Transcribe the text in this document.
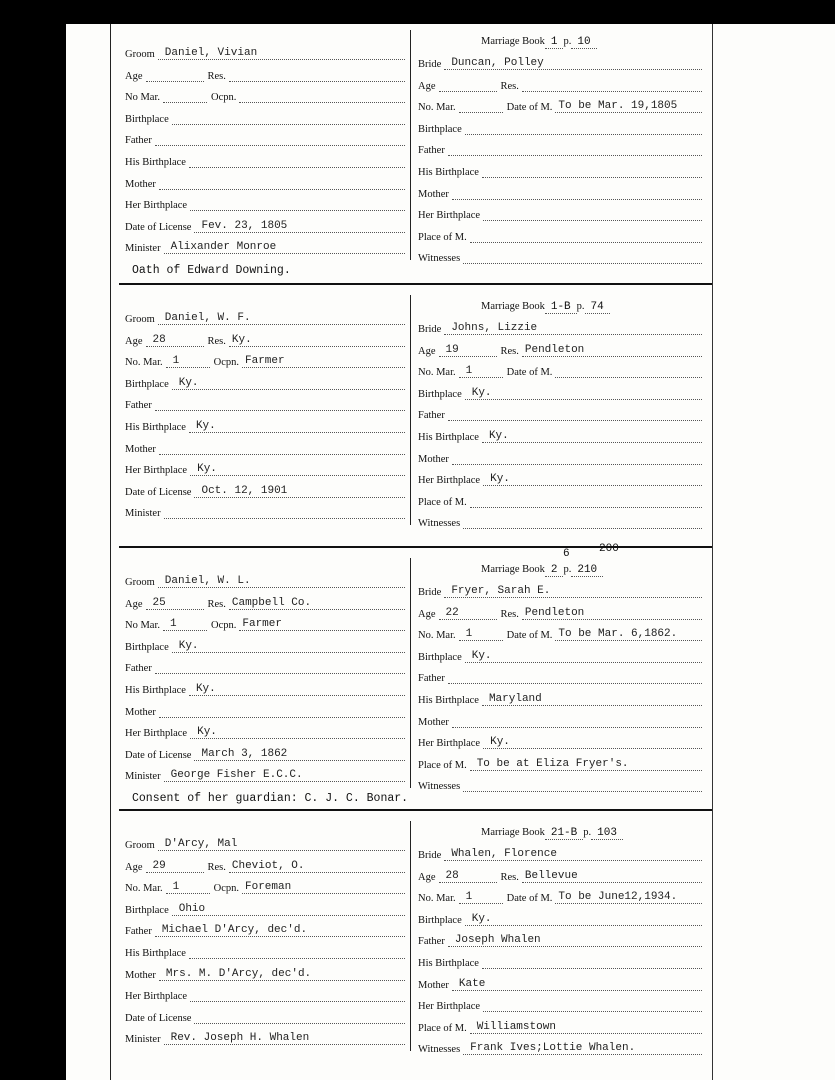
Marriage Book 1 p. 10
Groom Daniel, Vivian
Age	Res.
No Mar.	Ocpn.
Birthplace
Father
His Birthplace
Mother
Her Birthplace
Date of License Fev. 23, 1805
Minister Alixander Monroe
Bride Duncan, Polley
Age	Res.
No. Mar.	Date of M. To be Mar. 19,1805
Birthplace
Father
His Birthplace
Mother
Her Birthplace
Place of M.
Witnesses
Oath of Edward Downing.
Marriage Book 1-B p. 74
Groom Daniel, W. F.
Age 28	Res. Ky.
No. Mar. 1	Ocpn. Farmer
Birthplace Ky.
Father
His Birthplace Ky.
Mother
Her Birthplace Ky.
Date of License Oct. 12, 1901
Minister
Bride Johns, Lizzie
Age 19	Res. Pendleton
No. Mar. 1	Date of M.
Birthplace Ky.
Father
His Birthplace Ky.
Mother
Her Birthplace Ky.
Place of M.
Witnesses
6	200
Marriage Book 2 p. 210
Groom Daniel, W. L.
Age 25	Res. Campbell Co.
No Mar. 1	Ocpn. Farmer
Birthplace Ky.
Father
His Birthplace Ky.
Mother
Her Birthplace Ky.
Date of License March 3, 1862
Minister George Fisher E.C.C.
Bride Fryer, Sarah E.
Age 22	Res. Pendleton
No. Mar. 1	Date of M. To be Mar. 6,1862.
Birthplace Ky.
Father
His Birthplace Maryland
Mother
Her Birthplace Ky.
Place of M. To be at Eliza Fryer's.
Witnesses
Consent of her guardian: C. J. C. Bonar.
Marriage Book 21-B p. 103
Groom D'Arcy, Mal
Age 29	Res. Cheviot, O.
No. Mar. 1	Ocpn. Foreman
Birthplace Ohio
Father Michael D'Arcy, dec'd.
His Birthplace
Mother Mrs. M. D'Arcy, dec'd.
Her Birthplace
Date of License
Minister Rev. Joseph H. Whalen
Bride Whalen, Florence
Age 28	Res. Bellevue
No. Mar. 1	Date of M. To be June12,1934.
Birthplace Ky.
Father Joseph Whalen
His Birthplace
Mother Kate
Her Birthplace
Place of M. Williamstown
Witnesses Frank Ives;Lottie Whalen.
